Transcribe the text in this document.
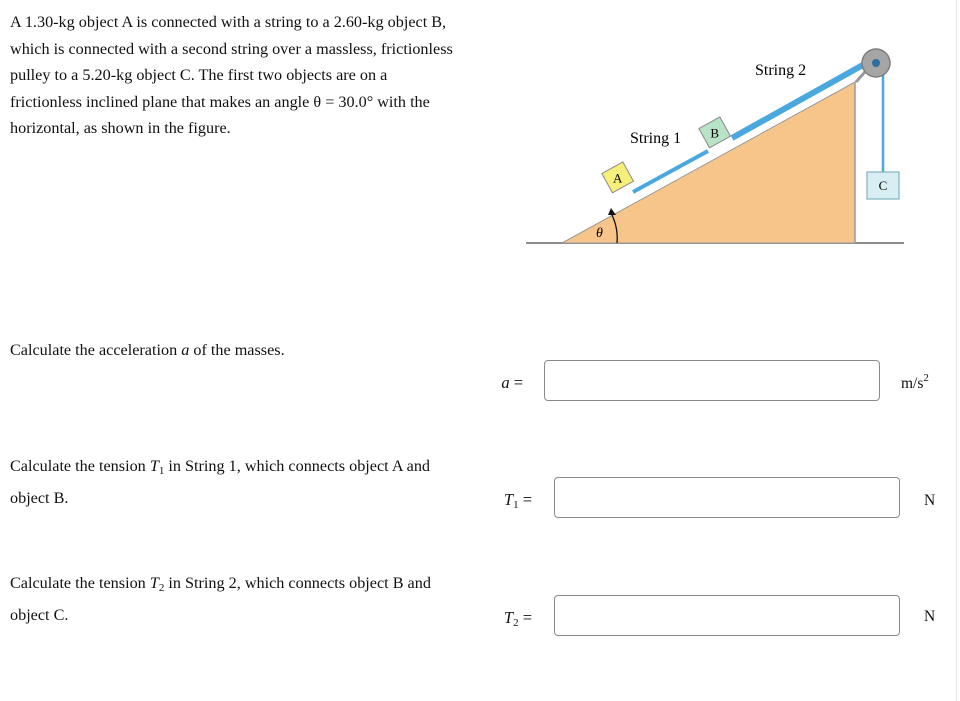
A 1.30-kg object A is connected with a string to a 2.60-kg object B, which is connected with a second string over a massless, frictionless pulley to a 5.20-kg object C. The first two objects are on a frictionless inclined plane that makes an angle θ = 30.0° with the horizontal, as shown in the figure.
A
B
C
String 1
String 2
θ
Calculate the acceleration a of the masses.
a =	$m/s^2$
Calculate the tension $T_1$ in String 1, which connects object A and object B.	$T_1$ =	N
Calculate the tension $T_2$ in String 2, which connects object B and object C.	$T_2$ =	N
